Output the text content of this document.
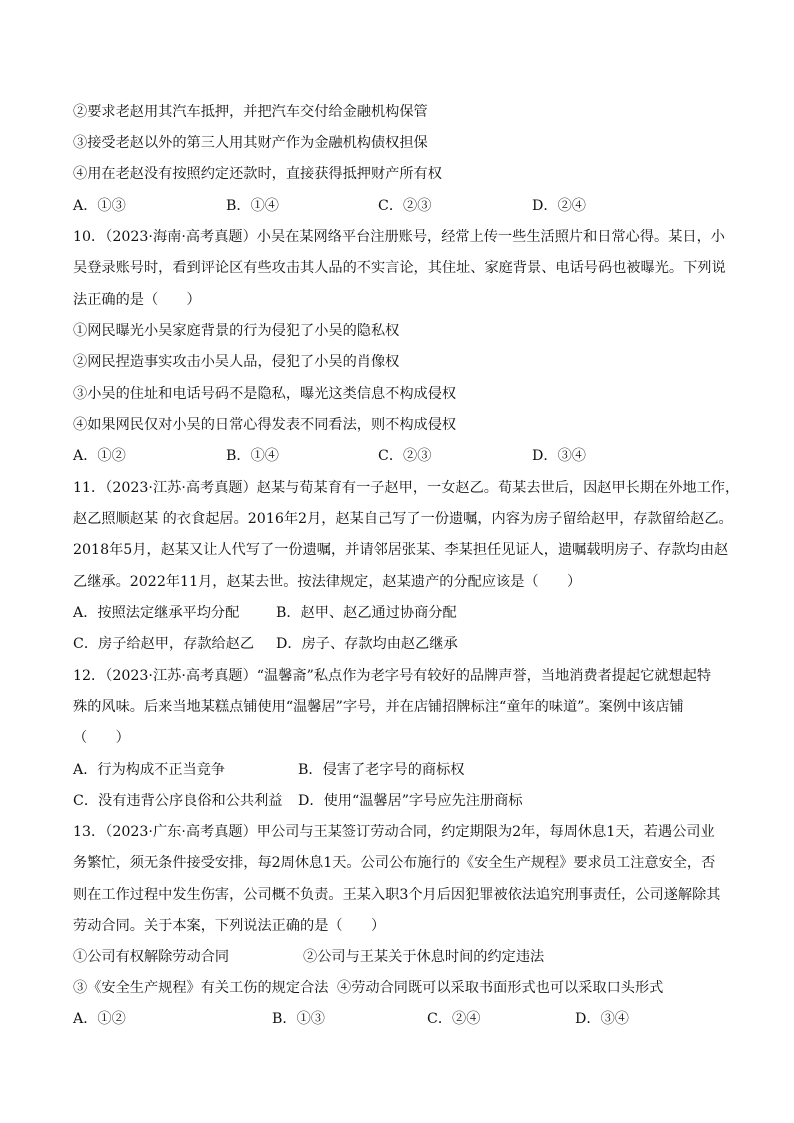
②要求老赵用其汽车抵押，并把汽车交付给金融机构保管
③接受老赵以外的第三人用其财产作为金融机构债权担保
④用在老赵没有按照约定还款时，直接获得抵押财产所有权
A．①③	B．①④	C．②③	D．②④
10．（2023·海南·高考真题）小吴在某网络平台注册账号，经常上传一些生活照片和日常心得。某日，小
吴登录账号时，看到评论区有些攻击其人品的不实言论，其住址、家庭背景、电话号码也被曝光。下列说
法正确的是（　　）
①网民曝光小吴家庭背景的行为侵犯了小吴的隐私权
②网民捏造事实攻击小吴人品，侵犯了小吴的肖像权
③小吴的住址和电话号码不是隐私，曝光这类信息不构成侵权
④如果网民仅对小吴的日常心得发表不同看法，则不构成侵权
A．①②	B．①④	C．②③	D．③④
11．（2023·江苏·高考真题）赵某与荀某育有一子赵甲，一女赵乙。荀某去世后，因赵甲长期在外地工作，
赵乙照顺赵某 的衣食起居。2016年2月，赵某自己写了一份遗嘱，内容为房子留给赵甲，存款留给赵乙。
2018年5月，赵某又让人代写了一份遗嘱，并请邻居张某、李某担任见证人，遗嘱载明房子、存款均由赵
乙继承。2022年11月，赵某去世。按法律规定，赵某遗产的分配应该是（　　）
A．按照法定继承平均分配	B．赵甲、赵乙通过协商分配
C．房子给赵甲，存款给赵乙 D．房子、存款均由赵乙继承
12．（2023·江苏·高考真题）“温馨斋”私点作为老字号有较好的品牌声誉，当地消费者提起它就想起特
殊的风味。后来当地某糕点铺使用“温馨居”字号，并在店铺招牌标注“童年的味道”。案例中该店铺
（　　）
A．行为构成不正当竞争	B．侵害了老字号的商标权
C．没有违背公序良俗和公共利益 D．使用“温馨居”字号应先注册商标
13．（2023·广东·高考真题）甲公司与王某签订劳动合同，约定期限为2年，每周休息1天，若遇公司业
务繁忙，须无条件接受安排，每2周休息1天。公司公布施行的《安全生产规程》要求员工注意安全，否
则在工作过程中发生伤害，公司概不负责。王某入职3个月后因犯罪被依法追究刑事责任，公司遂解除其
劳动合同。关于本案，下列说法正确的是（　　）
①公司有权解除劳动合同	②公司与王某关于休息时间的约定违法
③《安全生产规程》有关工伤的规定合法 ④劳动合同既可以采取书面形式也可以采取口头形式
A．①②	B．①③	C．②④	D．③④
